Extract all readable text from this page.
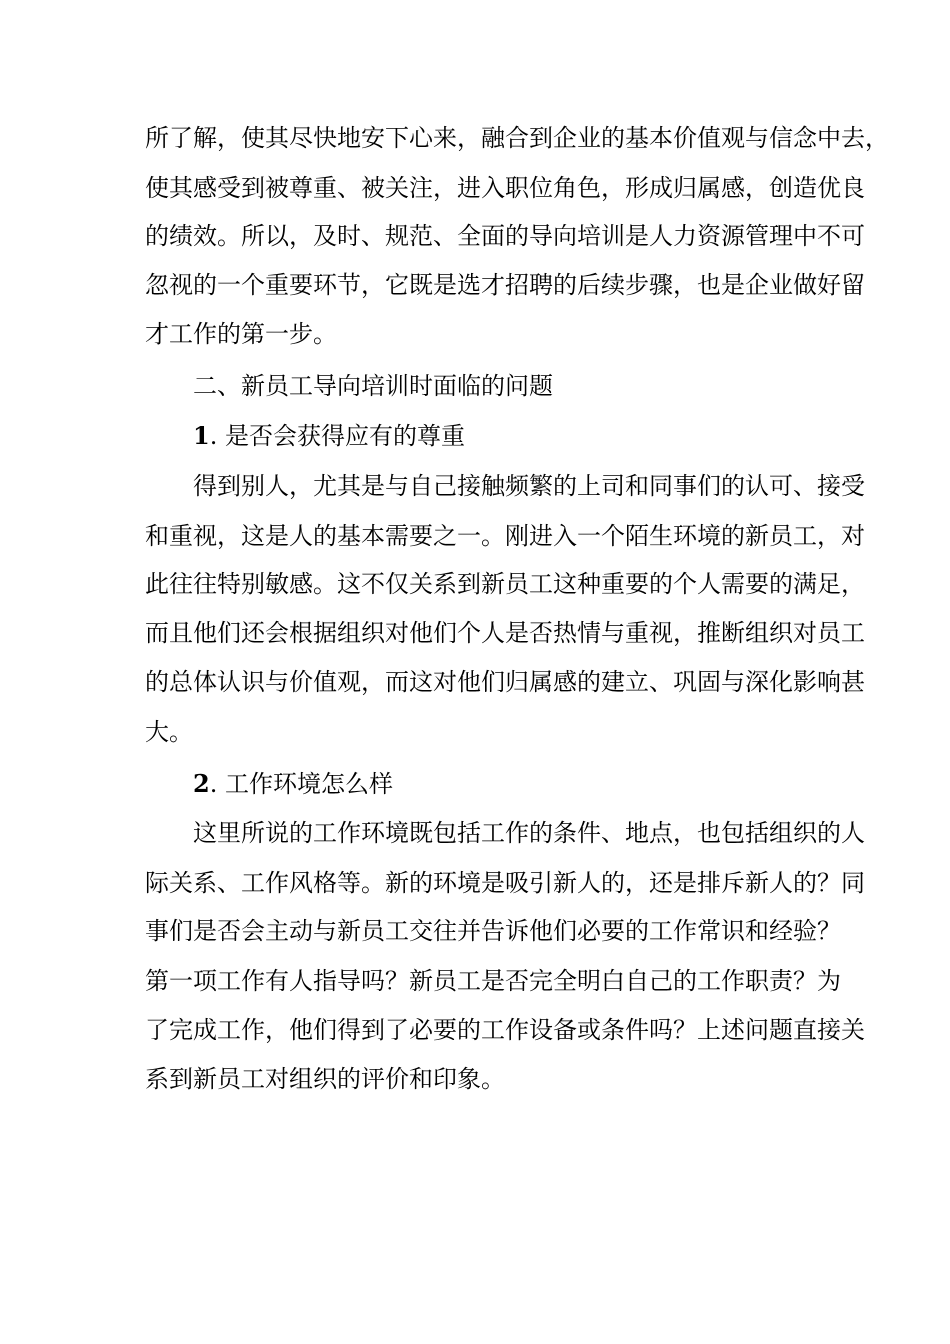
所了解，使其尽快地安下心来，融合到企业的基本价值观与信念中去，
使其感受到被尊重、被关注，进入职位角色，形成归属感，创造优良
的绩效。所以，及时、规范、全面的导向培训是人力资源管理中不可
忽视的一个重要环节，它既是选才招聘的后续步骤，也是企业做好留
才工作的第一步。
二、新员工导向培训时面临的问题
1. 是否会获得应有的尊重
得到别人，尤其是与自己接触频繁的上司和同事们的认可、接受
和重视，这是人的基本需要之一。刚进入一个陌生环境的新员工，对
此往往特别敏感。这不仅关系到新员工这种重要的个人需要的满足，
而且他们还会根据组织对他们个人是否热情与重视，推断组织对员工
的总体认识与价值观，而这对他们归属感的建立、巩固与深化影响甚
大。
2. 工作环境怎么样
这里所说的工作环境既包括工作的条件、地点，也包括组织的人
际关系、工作风格等。新的环境是吸引新人的，还是排斥新人的？同
事们是否会主动与新员工交往并告诉他们必要的工作常识和经验？
第一项工作有人指导吗？新员工是否完全明白自己的工作职责？为
了完成工作，他们得到了必要的工作设备或条件吗？上述问题直接关
系到新员工对组织的评价和印象。
